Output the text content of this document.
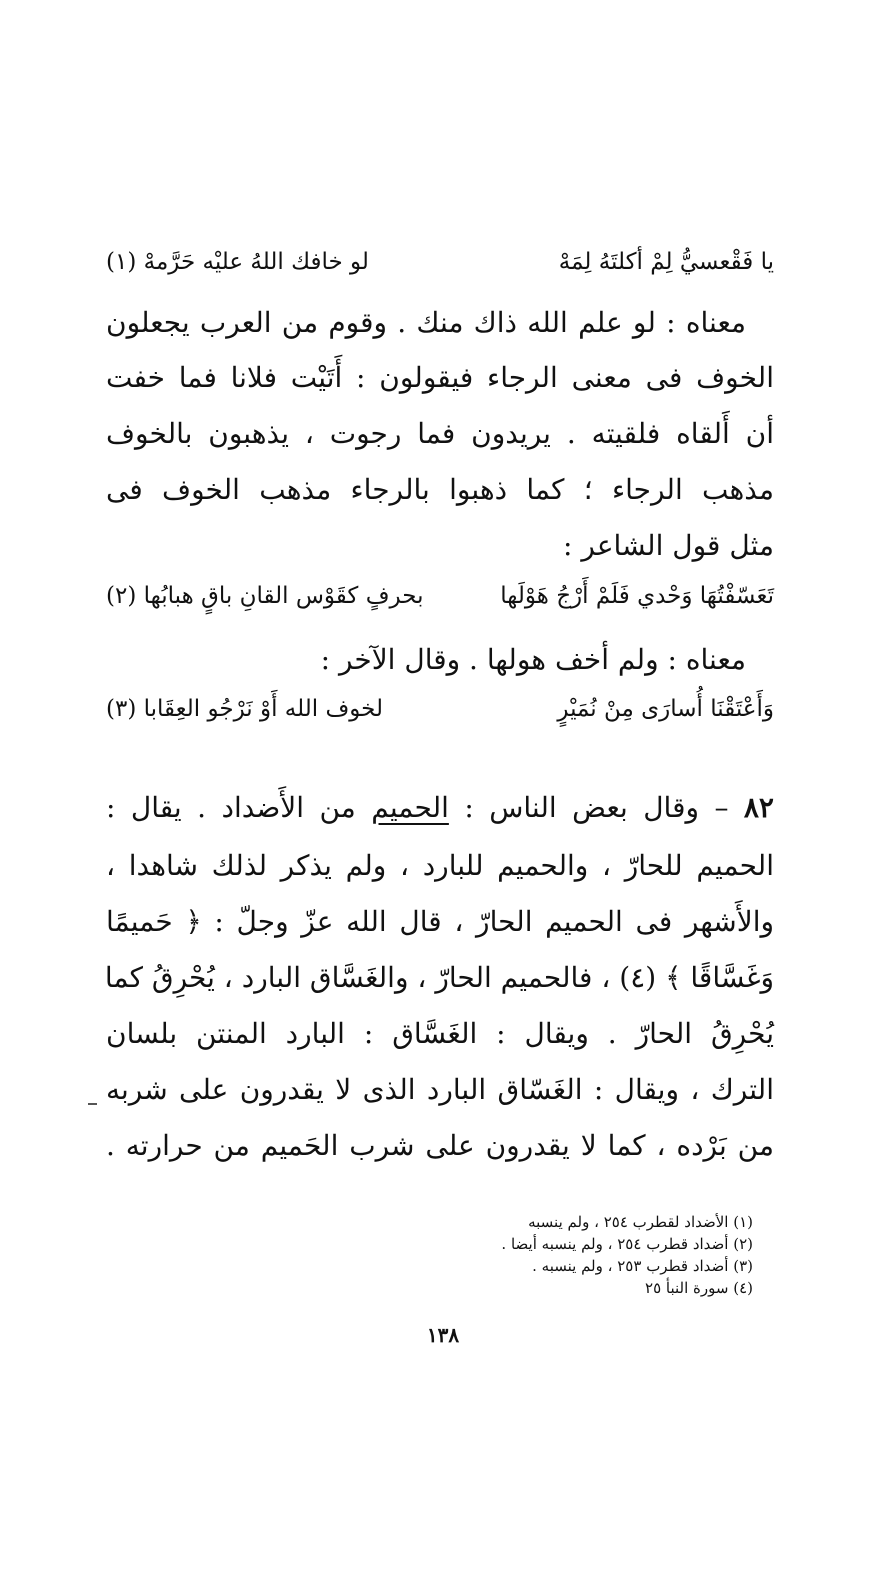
يا فَقْعسيُّ لِمْ أكلتَهُ لِمَهْ
لو خافك اللهُ عليْه حَرَّمهْ (١)
معناه : لو علم الله ذاك منك . وقوم من العرب يجعلون
الخوف فى معنى الرجاء فيقولون : أَتَيْت فلانا فما خفت
أن أَلقاه فلقيته . يريدون فما رجوت ، يذهبون بالخوف
مذهب الرجاء ؛ كما ذهبوا بالرجاء مذهب الخوف فى
مثل قول الشاعر :
تَعَسّفْتُهَا وَحْدي فَلَمْ أَرْجُ هَوْلَها
بحرفٍ كقَوْس القانِ باقٍ هبابُها (٢)
معناه : ولم أخف هولها . وقال الآخر :
وَأَعْتَقْنَا أُسارَى مِنْ نُمَيْرٍ
لخوف الله أَوْ نَرْجُو العِقَابا (٣)
٨٢ – وقال بعض الناس : الحميم من الأَضداد . يقال :
الحميم للحارّ ، والحميم للبارد ، ولم يذكر لذلك شاهدا ،
والأَشهر فى الحميم الحارّ ، قال الله عزّ وجلّ : ﴿ حَميمًا
وَغَسَّاقًا ﴾ (٤) ، فالحميم الحارّ ، والغَسَّاق البارد ، يُحْرِقُ كما
يُحْرِقُ الحارّ . ويقال : الغَسَّاق : البارد المنتن بلسان
الترك ، ويقال : الغَسّاق البارد الذى لا يقدرون على شربه
من بَرْده ، كما لا يقدرون على شرب الحَميم من حرارته .
(١) الأضداد لقطرب ٢٥٤ ، ولم ينسبه
(٢) أضداد قطرب ٢٥٤ ، ولم ينسبه أيضا .
(٣) أضداد قطرب ٢٥٣ ، ولم ينسبه .
(٤) سورة النبأ ٢٥
١٣٨
